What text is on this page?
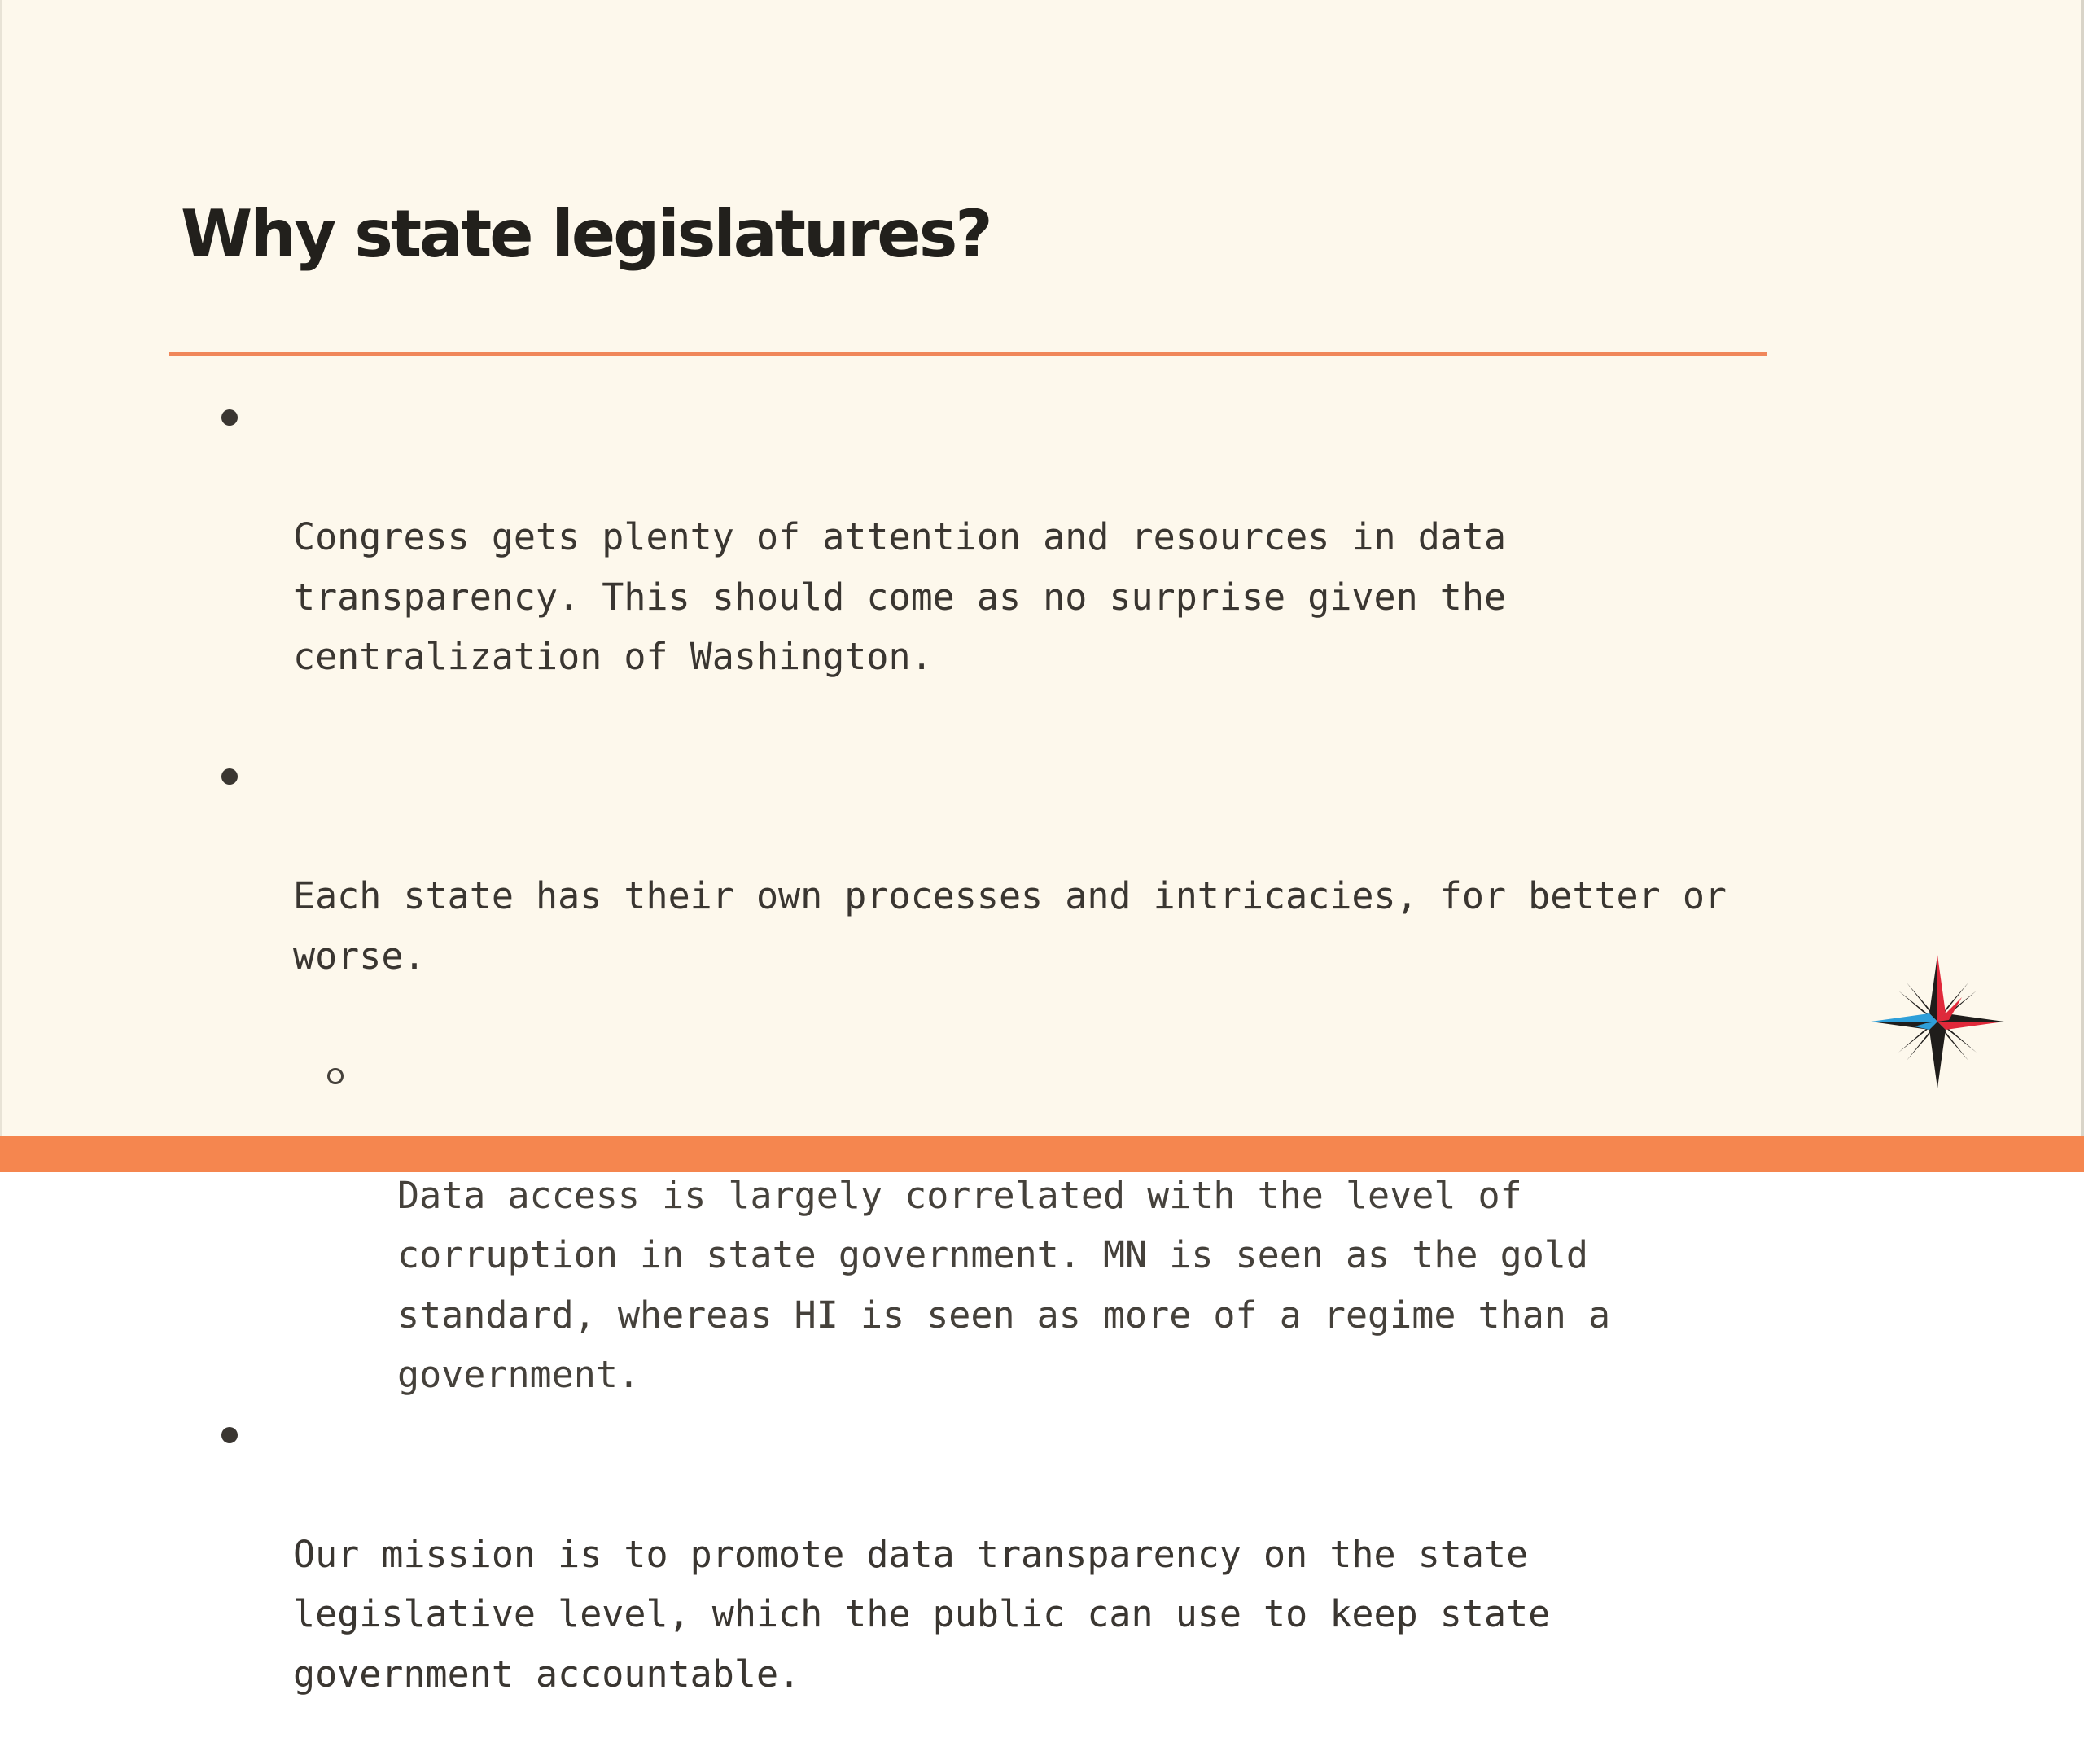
Why state legislatures?

Congress gets plenty of attention and resources in data
transparency. This should come as no surprise given the
centralization of Washington.

Each state has their own processes and intricacies, for better or
worse.

Data access is largely correlated with the level of
corruption in state government. MN is seen as the gold
standard, whereas HI is seen as more of a regime than a
government.

Our mission is to promote data transparency on the state
legislative level, which the public can use to keep state
government accountable.
